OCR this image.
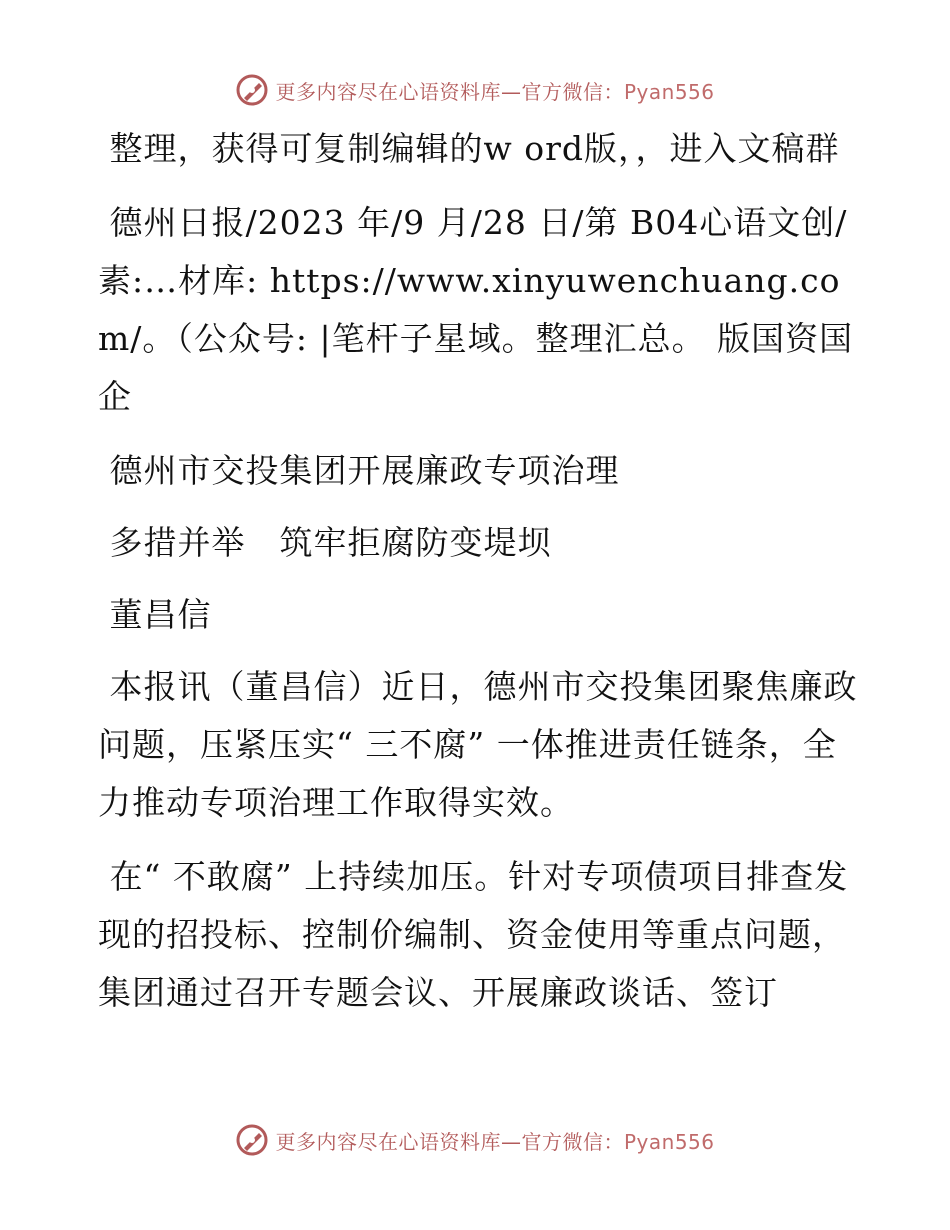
更多内容尽在心语资料库—官方微信：Pyan556

整理，获得可复制编辑的w ord版，，进入文稿群

德州日报/2023 年/9 月/28 日/第 B04心语文创/素:…材库: https://www.xinyuwenchuang.com/。（公众号: |笔杆子星域。整理汇总。 版国资国企

德州市交投集团开展廉政专项治理

多措并举　筑牢拒腐防变堤坝

董昌信

本报讯（董昌信）近日，德州市交投集团聚焦廉政问题，压紧压实“ 三不腐” 一体推进责任链条，全力推动专项治理工作取得实效。

在“ 不敢腐” 上持续加压。针对专项债项目排查发现的招投标、控制价编制、资金使用等重点问题，集团通过召开专题会议、开展廉政谈话、签订

更多内容尽在心语资料库—官方微信：Pyan556
